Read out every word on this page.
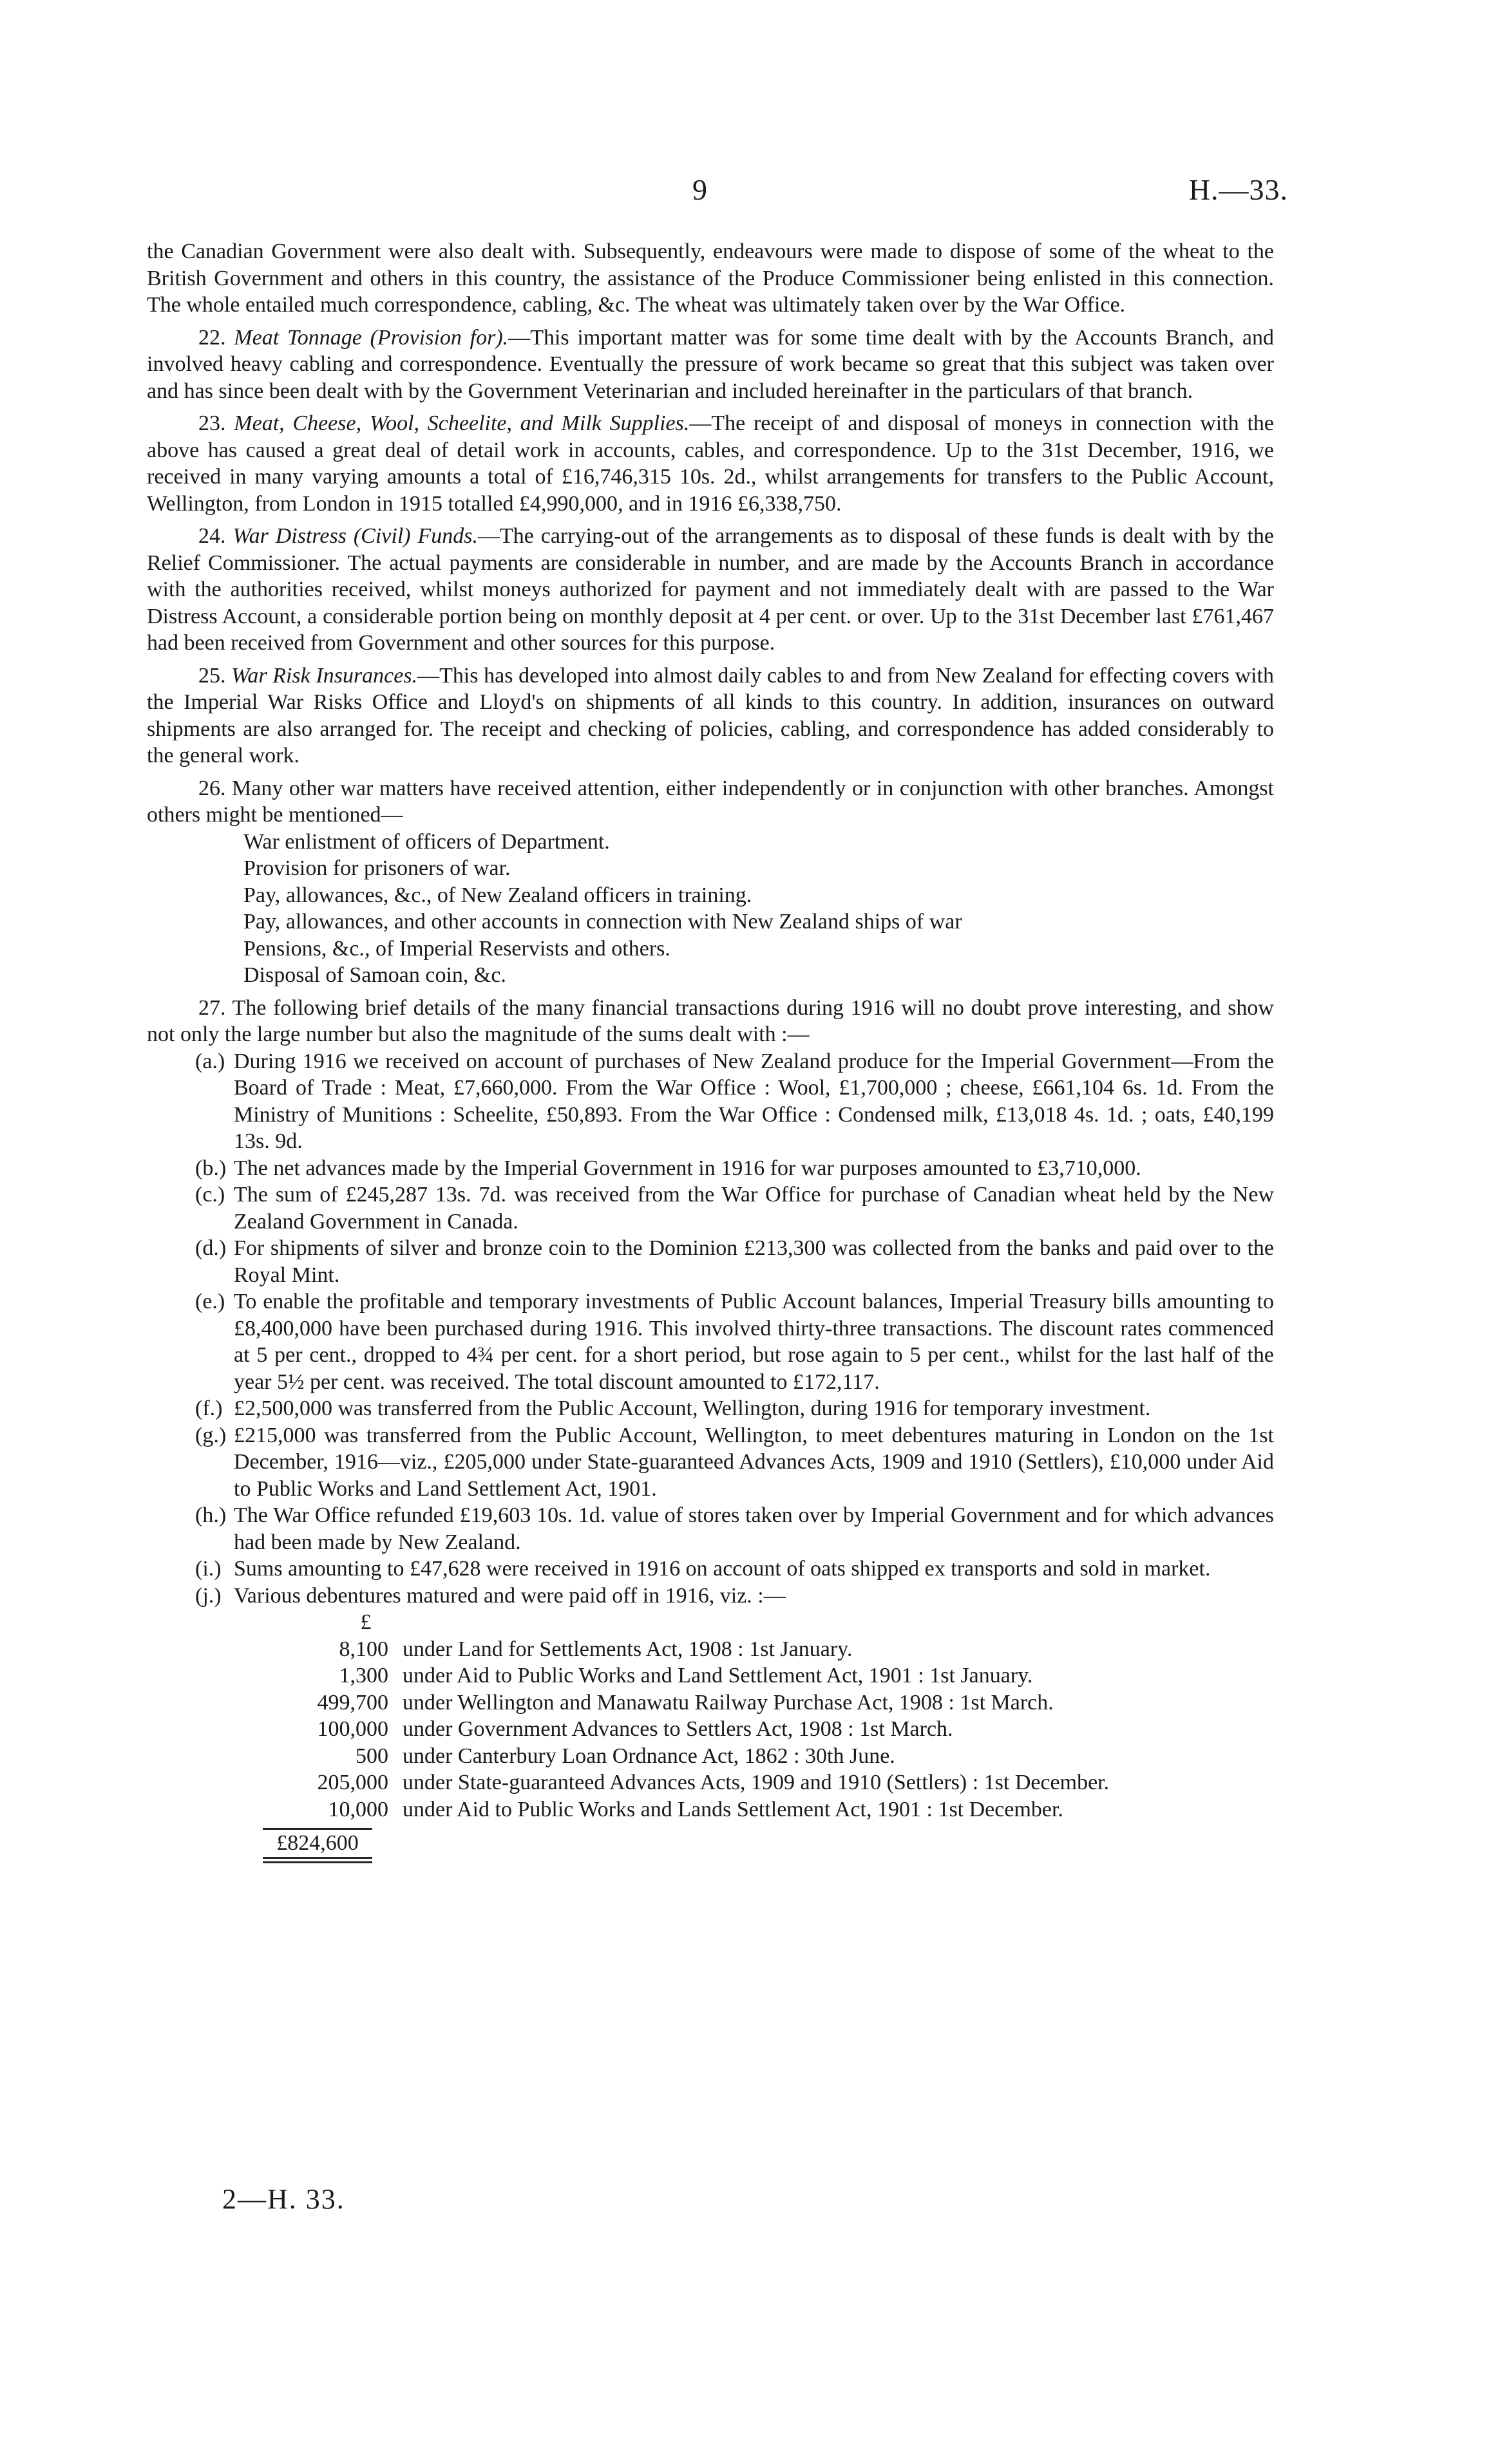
9	H.—33.

the Canadian Government were also dealt with. Subsequently, endeavours were made to dispose of some of the wheat to the British Government and others in this country, the assistance of the Produce Commissioner being enlisted in this connection. The whole entailed much correspondence, cabling, &c. The wheat was ultimately taken over by the War Office.

22. Meat Tonnage (Provision for).—This important matter was for some time dealt with by the Accounts Branch, and involved heavy cabling and correspondence. Eventually the pressure of work became so great that this subject was taken over and has since been dealt with by the Government Veterinarian and included hereinafter in the particulars of that branch.

23. Meat, Cheese, Wool, Scheelite, and Milk Supplies.—The receipt of and disposal of moneys in connection with the above has caused a great deal of detail work in accounts, cables, and correspondence. Up to the 31st December, 1916, we received in many varying amounts a total of £16,746,315 10s. 2d., whilst arrangements for transfers to the Public Account, Wellington, from London in 1915 totalled £4,990,000, and in 1916 £6,338,750.

24. War Distress (Civil) Funds.—The carrying-out of the arrangements as to disposal of these funds is dealt with by the Relief Commissioner. The actual payments are considerable in number, and are made by the Accounts Branch in accordance with the authorities received, whilst moneys authorized for payment and not immediately dealt with are passed to the War Distress Account, a considerable portion being on monthly deposit at 4 per cent. or over. Up to the 31st December last £761,467 had been received from Government and other sources for this purpose.

25. War Risk Insurances.—This has developed into almost daily cables to and from New Zealand for effecting covers with the Imperial War Risks Office and Lloyd's on shipments of all kinds to this country. In addition, insurances on outward shipments are also arranged for. The receipt and checking of policies, cabling, and correspondence has added considerably to the general work.

26. Many other war matters have received attention, either independently or in conjunction with other branches. Amongst others might be mentioned—

War enlistment of officers of Department.
Provision for prisoners of war.
Pay, allowances, &c., of New Zealand officers in training.
Pay, allowances, and other accounts in connection with New Zealand ships of war
Pensions, &c., of Imperial Reservists and others.
Disposal of Samoan coin, &c.

27. The following brief details of the many financial transactions during 1916 will no doubt prove interesting, and show not only the large number but also the magnitude of the sums dealt with :—

(a.) During 1916 we received on account of purchases of New Zealand produce for the Imperial Government—From the Board of Trade : Meat, £7,660,000. From the War Office : Wool, £1,700,000 ; cheese, £661,104 6s. 1d. From the Ministry of Munitions : Scheelite, £50,893. From the War Office : Condensed milk, £13,018 4s. 1d. ; oats, £40,199 13s. 9d.

(b.) The net advances made by the Imperial Government in 1916 for war purposes amounted to £3,710,000.

(c.) The sum of £245,287 13s. 7d. was received from the War Office for purchase of Canadian wheat held by the New Zealand Government in Canada.

(d.) For shipments of silver and bronze coin to the Dominion £213,300 was collected from the banks and paid over to the Royal Mint.

(e.) To enable the profitable and temporary investments of Public Account balances, Imperial Treasury bills amounting to £8,400,000 have been purchased during 1916. This involved thirty-three transactions. The discount rates commenced at 5 per cent., dropped to 4¾ per cent. for a short period, but rose again to 5 per cent., whilst for the last half of the year 5½ per cent. was received. The total discount amounted to £172,117.

(f.) £2,500,000 was transferred from the Public Account, Wellington, during 1916 for temporary investment.

(g.) £215,000 was transferred from the Public Account, Wellington, to meet debentures maturing in London on the 1st December, 1916—viz., £205,000 under State-guaranteed Advances Acts, 1909 and 1910 (Settlers), £10,000 under Aid to Public Works and Land Settlement Act, 1901.

(h.) The War Office refunded £19,603 10s. 1d. value of stores taken over by Imperial Government and for which advances had been made by New Zealand.

(i.) Sums amounting to £47,628 were received in 1916 on account of oats shipped ex transports and sold in market.

(j.) Various debentures matured and were paid off in 1916, viz. :—

£
8,100 under Land for Settlements Act, 1908 : 1st January.
1,300 under Aid to Public Works and Land Settlement Act, 1901 : 1st January.
499,700 under Wellington and Manawatu Railway Purchase Act, 1908 : 1st March.
100,000 under Government Advances to Settlers Act, 1908 : 1st March.
500 under Canterbury Loan Ordnance Act, 1862 : 30th June.
205,000 under State-guaranteed Advances Acts, 1909 and 1910 (Settlers) : 1st December.
10,000 under Aid to Public Works and Lands Settlement Act, 1901 : 1st December.
£824,600
2—H. 33.
